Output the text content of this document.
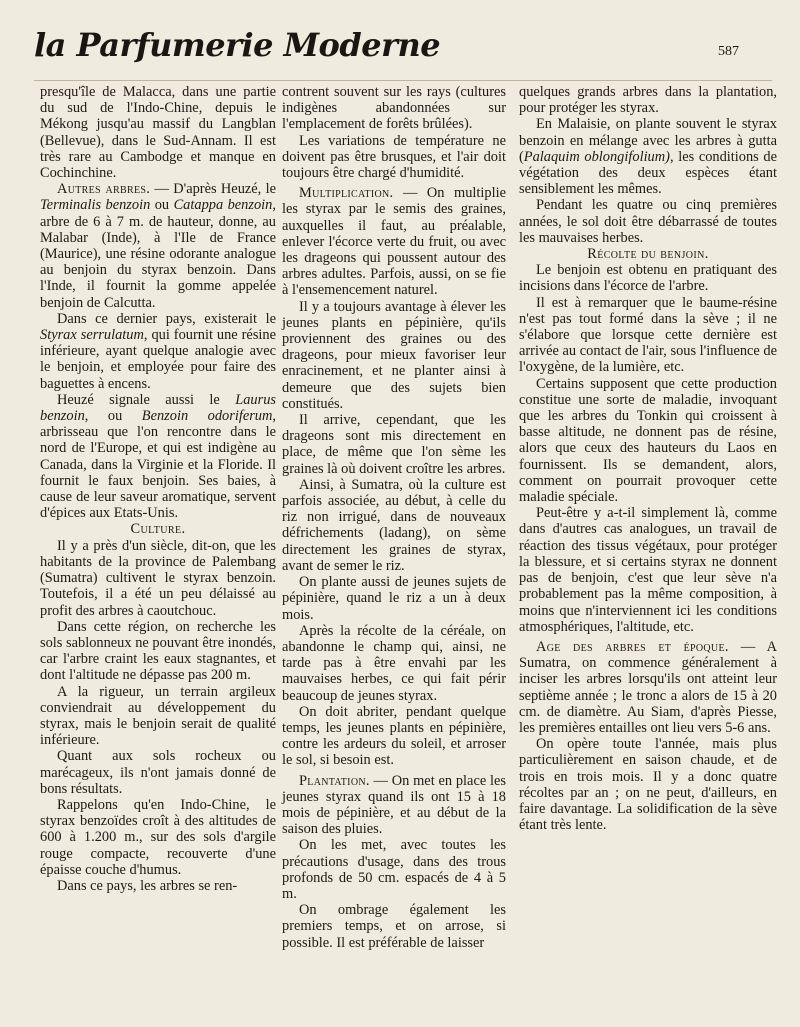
la Parfumerie Moderne	587

presqu'île de Malacca, dans une partie du sud de l'Indo-Chine, depuis le Mékong jusqu'au massif du Langblan (Bellevue), dans le Sud-Annam. Il est très rare au Cambodge et manque en Cochinchine.

Autres arbres. — D'après Heuzé, le Terminalis benzoin ou Catappa benzoin, arbre de 6 à 7 m. de hauteur, donne, au Malabar (Inde), à l'Ile de France (Maurice), une résine odorante analogue au benjoin du styrax benzoin. Dans l'Inde, il fournit la gomme appelée benjoin de Calcutta.

Dans ce dernier pays, existerait le Styrax serrulatum, qui fournit une résine inférieure, ayant quelque analogie avec le benjoin, et employée pour faire des baguettes à encens.

Heuzé signale aussi le Laurus benzoin, ou Benzoin odoriferum, arbrisseau que l'on rencontre dans le nord de l'Europe, et qui est indigène au Canada, dans la Virginie et la Floride. Il fournit le faux benjoin. Ses baies, à cause de leur saveur aromatique, servent d'épices aux Etats-Unis.

Culture.

Il y a près d'un siècle, dit-on, que les habitants de la province de Palembang (Sumatra) cultivent le styrax benzoin. Toutefois, il a été un peu délaissé au profit des arbres à caoutchouc.

Dans cette région, on recherche les sols sablonneux ne pouvant être inondés, car l'arbre craint les eaux stagnantes, et dont l'altitude ne dépasse pas 200 m.

A la rigueur, un terrain argileux conviendrait au développement du styrax, mais le benjoin serait de qualité inférieure.

Quant aux sols rocheux ou marécageux, ils n'ont jamais donné de bons résultats.

Rappelons qu'en Indo-Chine, le styrax benzoïdes croît à des altitudes de 600 à 1.200 m., sur des sols d'argile rouge compacte, recouverte d'une épaisse couche d'humus.

Dans ce pays, les arbres se ren-

contrent souvent sur les rays (cultures indigènes abandonnées sur l'emplacement de forêts brûlées).

Les variations de température ne doivent pas être brusques, et l'air doit toujours être chargé d'humidité.

Multiplication. — On multiplie les styrax par le semis des graines, auxquelles il faut, au préalable, enlever l'écorce verte du fruit, ou avec les drageons qui poussent autour des arbres adultes. Parfois, aussi, on se fie à l'ensemencement naturel.

Il y a toujours avantage à élever les jeunes plants en pépinière, qu'ils proviennent des graines ou des drageons, pour mieux favoriser leur enracinement, et ne planter ainsi à demeure que des sujets bien constitués.

Il arrive, cependant, que les drageons sont mis directement en place, de même que l'on sème les graines là où doivent croître les arbres.

Ainsi, à Sumatra, où la culture est parfois associée, au début, à celle du riz non irrigué, dans de nouveaux défrichements (ladang), on sème directement les graines de styrax, avant de semer le riz.

On plante aussi de jeunes sujets de pépinière, quand le riz a un à deux mois.

Après la récolte de la céréale, on abandonne le champ qui, ainsi, ne tarde pas à être envahi par les mauvaises herbes, ce qui fait périr beaucoup de jeunes styrax.

On doit abriter, pendant quelque temps, les jeunes plants en pépinière, contre les ardeurs du soleil, et arroser le sol, si besoin est.

Plantation. — On met en place les jeunes styrax quand ils ont 15 à 18 mois de pépinière, et au début de la saison des pluies.

On les met, avec toutes les précautions d'usage, dans des trous profonds de 50 cm. espacés de 4 à 5 m.

On ombrage également les premiers temps, et on arrose, si possible. Il est préférable de laisser

quelques grands arbres dans la plantation, pour protéger les styrax.

En Malaisie, on plante souvent le styrax benzoin en mélange avec les arbres à gutta (Palaquim oblongifolium), les conditions de végétation des deux espèces étant sensiblement les mêmes.

Pendant les quatre ou cinq premières années, le sol doit être débarrassé de toutes les mauvaises herbes.

Récolte du benjoin.

Le benjoin est obtenu en pratiquant des incisions dans l'écorce de l'arbre.

Il est à remarquer que le baume-résine n'est pas tout formé dans la sève ; il ne s'élabore que lorsque cette dernière est arrivée au contact de l'air, sous l'influence de l'oxygène, de la lumière, etc.

Certains supposent que cette production constitue une sorte de maladie, invoquant que les arbres du Tonkin qui croissent à basse altitude, ne donnent pas de résine, alors que ceux des hauteurs du Laos en fournissent. Ils se demandent, alors, comment on pourrait provoquer cette maladie spéciale.

Peut-être y a-t-il simplement là, comme dans d'autres cas analogues, un travail de réaction des tissus végétaux, pour protéger la blessure, et si certains styrax ne donnent pas de benjoin, c'est que leur sève n'a probablement pas la même composition, à moins que n'interviennent ici les conditions atmosphériques, l'altitude, etc.

Age des arbres et époque. — A Sumatra, on commence généralement à inciser les arbres lorsqu'ils ont atteint leur septième année ; le tronc a alors de 15 à 20 cm. de diamètre. Au Siam, d'après Piesse, les premières entailles ont lieu vers 5-6 ans.

On opère toute l'année, mais plus particulièrement en saison chaude, et de trois en trois mois. Il y a donc quatre récoltes par an ; on ne peut, d'ailleurs, en faire davantage. La solidification de la sève étant très lente.
